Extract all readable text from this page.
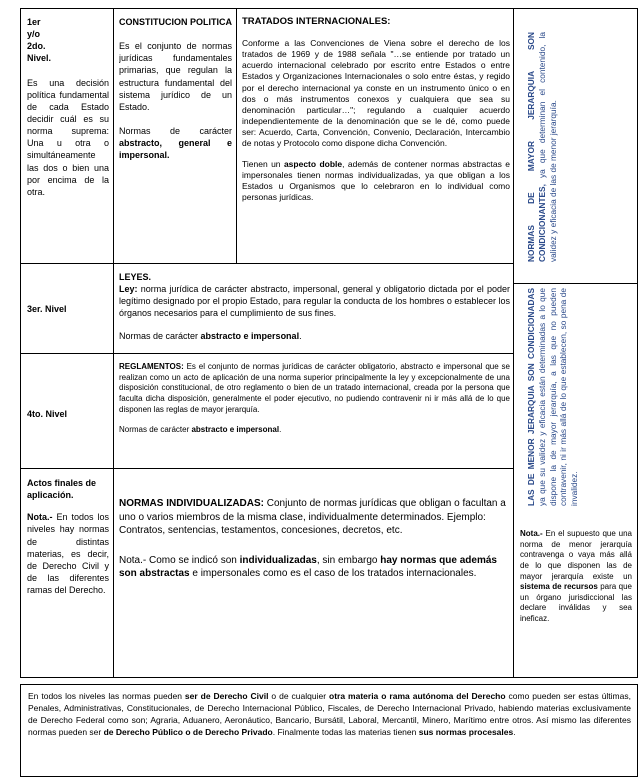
1er
y/o
2do.
Nivel.

Es una decisión política fundamental de cada Estado decidir cuál es su norma suprema: Una u otra o simultáneamente las dos o bien una por encima de la otra.

3er. Nivel
4to. Nivel

Actos finales de aplicación.

Nota.- En todos los niveles hay normas de distintas materias, es decir, de Derecho Civil y de las diferentes ramas del Derecho.

CONSTITUCION POLITICA

Es el conjunto de normas jurídicas fundamentales primarias, que regulan la estructura fundamental del sistema jurídico de un Estado.

Normas de carácter abstracto, general e impersonal.

TRATADOS INTERNACIONALES:

Conforme a las Convenciones de Viena sobre el derecho de los tratados de 1969 y de 1988 señala "…se entiende por tratado un acuerdo internacional celebrado por escrito entre Estados o entre Estados y Organizaciones Internacionales o solo entre éstas, y regido por el derecho internacional ya conste en un instrumento único o en dos o más instrumentos conexos y cualquiera que sea su denominación particular…"; regulando a cualquier acuerdo independientemente de la denominación que se le dé, como puede ser: Acuerdo, Carta, Convención, Convenio, Declaración, Intercambio de notas y Protocolo como dispone dicha Convención.

Tienen un aspecto doble, además de contener normas abstractas e impersonales tienen normas individualizadas, ya que obligan a los Estados u Organismos que lo celebraron en lo individual como personas jurídicas.

LEYES.

Ley: norma jurídica de carácter abstracto, impersonal, general y obligatorio dictada por el poder legítimo designado por el propio Estado, para regular la conducta de los hombres o establecer los órganos necesarios para el cumplimiento de sus fines.

Normas de carácter abstracto e impersonal.

REGLAMENTOS: Es el conjunto de normas jurídicas de carácter obligatorio, abstracto e impersonal que se realizan como un acto de aplicación de una norma superior principalmente la ley y excepcionalmente de una disposición constitucional, de otro reglamento o bien de un tratado internacional, creada por la persona que faculta dicha disposición, generalmente el poder ejecutivo, no pudiendo contravenir ni ir más allá de lo que disponen las reglas de mayor jerarquía.

Normas de carácter abstracto e impersonal.

NORMAS INDIVIDUALIZADAS: Conjunto de normas jurídicas que obligan o facultan a uno o varios miembros de la misma clase, individualmente determinados. Ejemplo: Contratos, sentencias, testamentos, concesiones, decretos, etc.

Nota.- Como se indicó son individualizadas, sin embargo hay normas que además son abstractas e impersonales como es el caso de los tratados internacionales.

NORMAS DE MAYOR JERARQUIA SON CONDICIONANTES, ya que determinan el contenido, la validez y eficacia de las de menor jerarquía.
LAS DE MENOR JERARQUIA SON CONDICIONADAS ya que su validez y eficacia están determinadas a lo que dispone la de mayor jerarquía, a las que no pueden contravenir, ni ir más allá de lo que establecen, so pena de invalidez.
Nota.- En el supuesto que una norma de menor jerarquía contravenga o vaya más allá de lo que disponen las de mayor jerarquía existe un sistema de recursos para que un órgano jurisdiccional las declare inválidas y sea ineficaz.
En todos los niveles las normas pueden ser de Derecho Civil o de cualquier otra materia o rama autónoma del Derecho como pueden ser estas últimas, Penales, Administrativas, Constitucionales, de Derecho Internacional Público, Fiscales, de Derecho Internacional Privado, habiendo materias exclusivamente de Derecho Federal como son; Agraria, Aduanero, Aeronáutico, Bancario, Bursátil, Laboral, Mercantil, Minero, Marítimo entre otros. Así mismo las diferentes normas pueden ser de Derecho Público o de Derecho Privado. Finalmente todas las materias tienen sus normas procesales.
